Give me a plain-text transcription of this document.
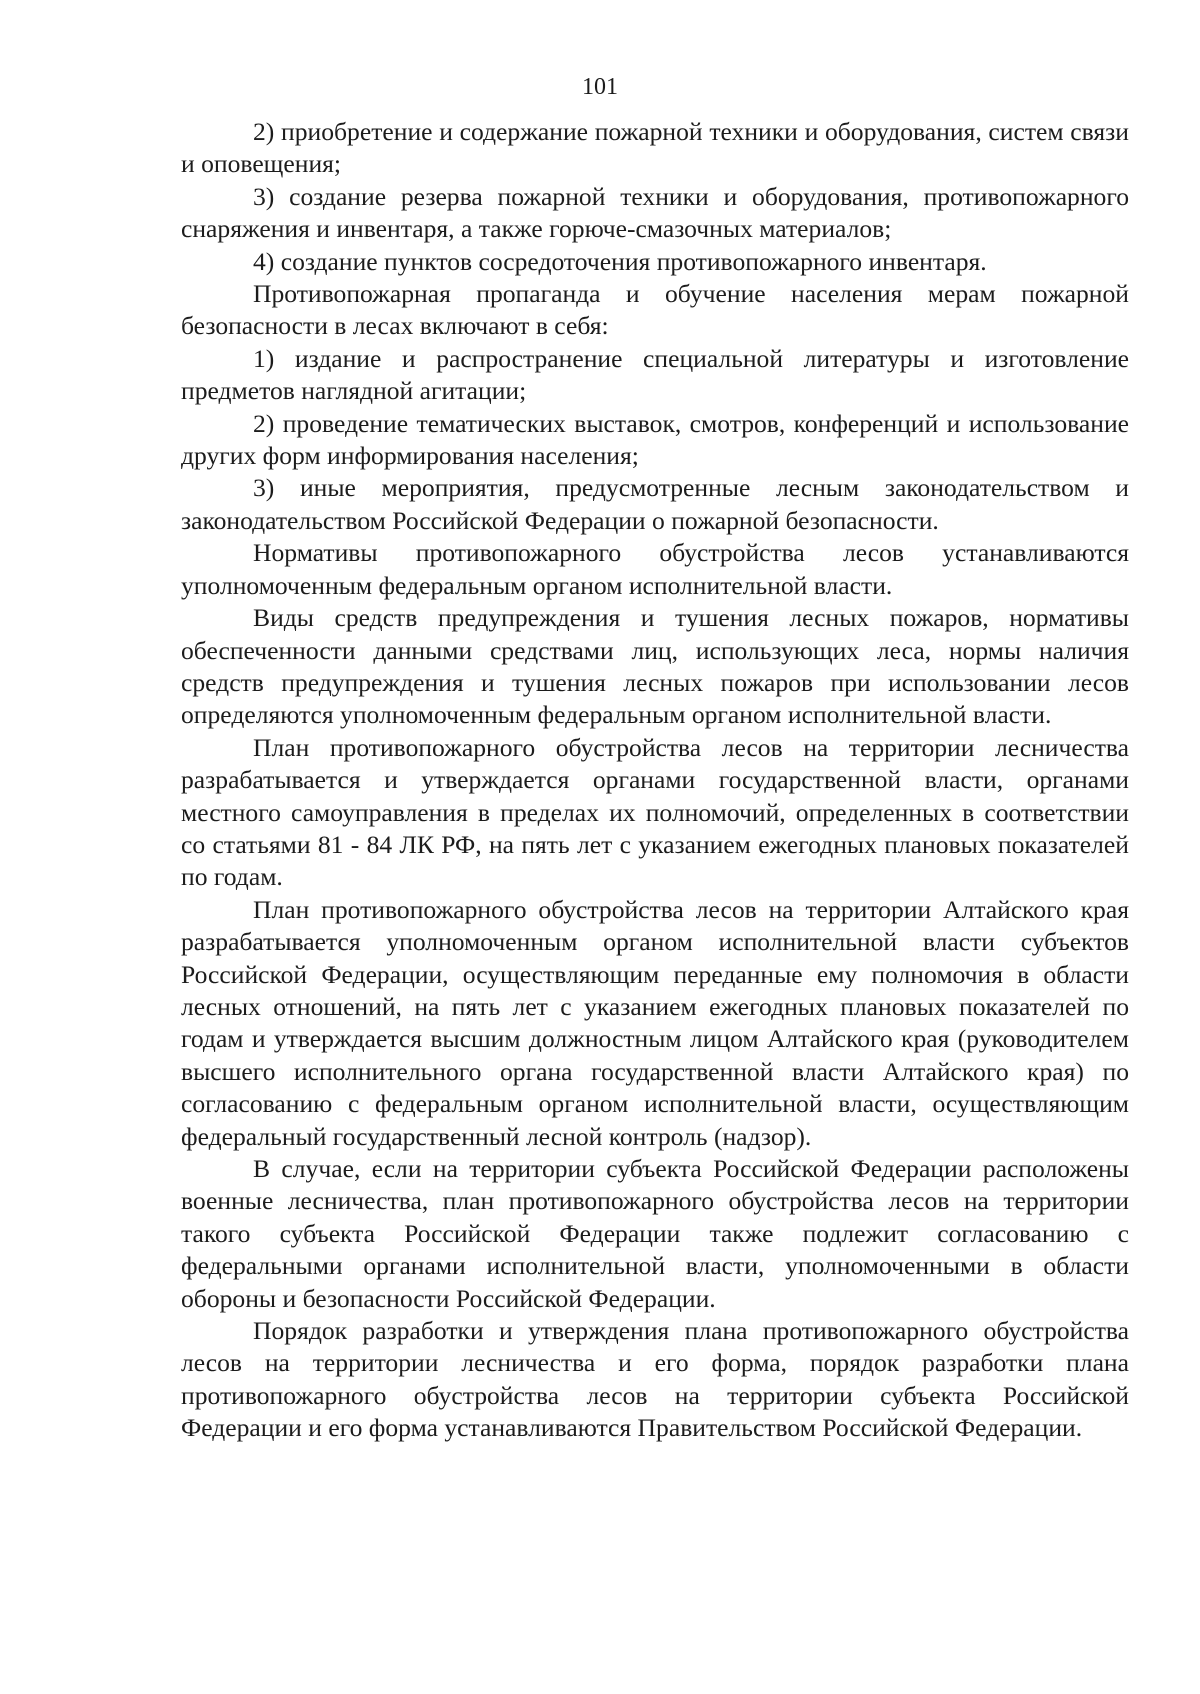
101

2) приобретение и содержание пожарной техники и оборудования, систем связи и оповещения;

3) создание резерва пожарной техники и оборудования, противопожарного снаряжения и инвентаря, а также горюче-смазочных материалов;

4) создание пунктов сосредоточения противопожарного инвентаря.

Противопожарная пропаганда и обучение населения мерам пожарной безопасности в лесах включают в себя:

1) издание и распространение специальной литературы и изготовление предметов наглядной агитации;

2) проведение тематических выставок, смотров, конференций и использование других форм информирования населения;

3) иные мероприятия, предусмотренные лесным законодательством и законодательством Российской Федерации о пожарной безопасности.

Нормативы противопожарного обустройства лесов устанавливаются уполномоченным федеральным органом исполнительной власти.

Виды средств предупреждения и тушения лесных пожаров, нормативы обеспеченности данными средствами лиц, использующих леса, нормы наличия средств предупреждения и тушения лесных пожаров при использовании лесов определяются уполномоченным федеральным органом исполнительной власти.

План противопожарного обустройства лесов на территории лесничества разрабатывается и утверждается органами государственной власти, органами местного самоуправления в пределах их полномочий, определенных в соответствии со статьями 81 - 84 ЛК РФ, на пять лет с указанием ежегодных плановых показателей по годам.

План противопожарного обустройства лесов на территории Алтайского края разрабатывается уполномоченным органом исполнительной власти субъектов Российской Федерации, осуществляющим переданные ему полномочия в области лесных отношений, на пять лет с указанием ежегодных плановых показателей по годам и утверждается высшим должностным лицом Алтайского края (руководителем высшего исполнительного органа государственной власти Алтайского края) по согласованию с федеральным органом исполнительной власти, осуществляющим федеральный государственный лесной контроль (надзор).

В случае, если на территории субъекта Российской Федерации расположены военные лесничества, план противопожарного обустройства лесов на территории такого субъекта Российской Федерации также подлежит согласованию с федеральными органами исполнительной власти, уполномоченными в области обороны и безопасности Российской Федерации.

Порядок разработки и утверждения плана противопожарного обустройства лесов на территории лесничества и его форма, порядок разработки плана противопожарного обустройства лесов на территории субъекта Российской Федерации и его форма устанавливаются Правительством Российской Федерации.
